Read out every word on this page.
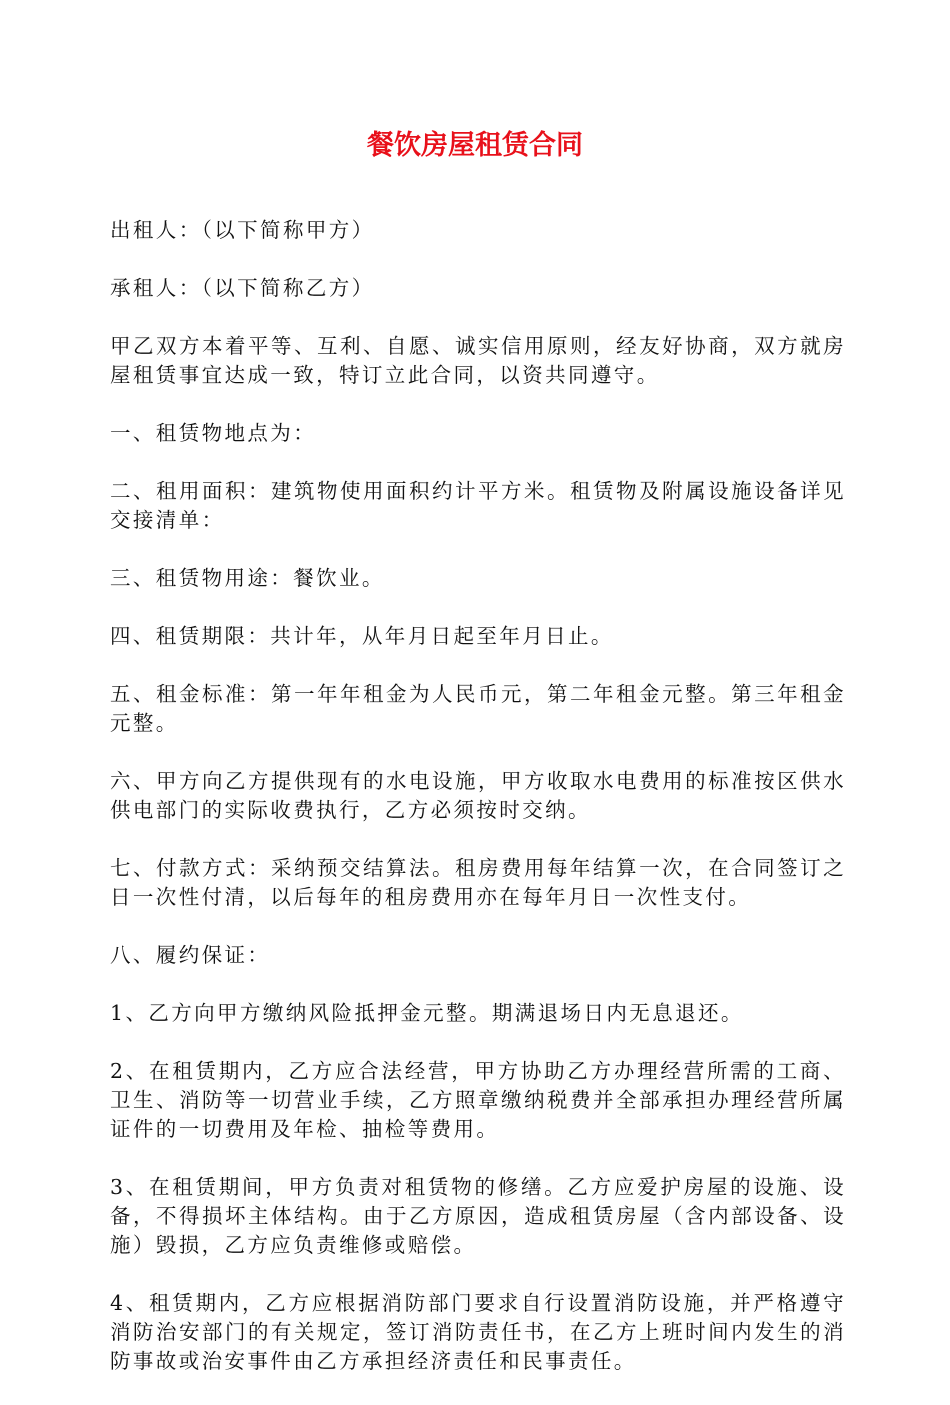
餐饮房屋租赁合同

出租人：（以下简称甲方）

承租人：（以下简称乙方）

甲乙双方本着平等、互利、自愿、诚实信用原则，经友好协商，双方就房屋租赁事宜达成一致，特订立此合同，以资共同遵守。

一、租赁物地点为：

二、租用面积：建筑物使用面积约计平方米。租赁物及附属设施设备详见交接清单：

三、租赁物用途：餐饮业。

四、租赁期限：共计年，从年月日起至年月日止。

五、租金标准：第一年年租金为人民币元，第二年租金元整。第三年租金元整。

六、甲方向乙方提供现有的水电设施，甲方收取水电费用的标准按区供水供电部门的实际收费执行，乙方必须按时交纳。

七、付款方式：采纳预交结算法。租房费用每年结算一次，在合同签订之日一次性付清，以后每年的租房费用亦在每年月日一次性支付。

八、履约保证：

1、乙方向甲方缴纳风险抵押金元整。期满退场日内无息退还。

2、在租赁期内，乙方应合法经营，甲方协助乙方办理经营所需的工商、卫生、消防等一切营业手续，乙方照章缴纳税费并全部承担办理经营所属证件的一切费用及年检、抽检等费用。

3、在租赁期间，甲方负责对租赁物的修缮。乙方应爱护房屋的设施、设备，不得损坏主体结构。由于乙方原因，造成租赁房屋（含内部设备、设施）毁损，乙方应负责维修或赔偿。

4、租赁期内，乙方应根据消防部门要求自行设置消防设施，并严格遵守消防治安部门的有关规定，签订消防责任书，在乙方上班时间内发生的消防事故或治安事件由乙方承担经济责任和民事责任。
